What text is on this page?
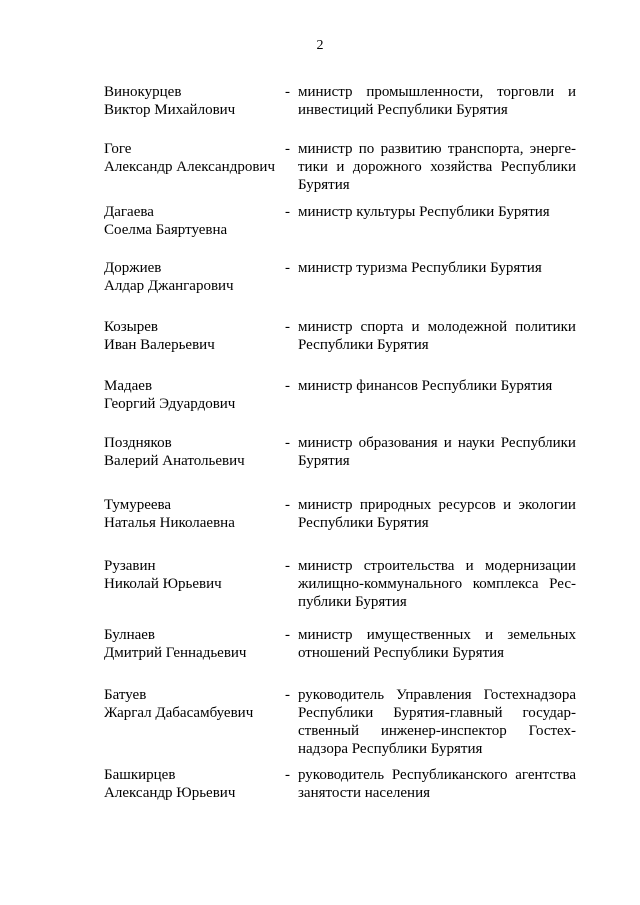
2
Винокурцев
Виктор Михайлович
- министр промышленности, торговли и
инвестиций Республики Бурятия
Гоге
Александр Александрович
- министр по развитию транспорта, энерге-
тики и дорожного хозяйства Республики
Бурятия
Дагаева
Соелма Баяртуевна
- министр культуры Республики Бурятия
Доржиев
Алдар Джангарович
- министр туризма Республики Бурятия
Козырев
Иван Валерьевич
- министр спорта и молодежной политики
Республики Бурятия
Мадаев
Георгий Эдуардович
- министр финансов Республики Бурятия
Поздняков
Валерий Анатольевич
- министр образования и науки Республики
Бурятия
Тумуреева
Наталья Николаевна
- министр природных ресурсов и экологии
Республики Бурятия
Рузавин
Николай Юрьевич
- министр строительства и модернизации
жилищно-коммунального комплекса Рес-
публики Бурятия
Булнаев
Дмитрий Геннадьевич
- министр имущественных и земельных
отношений Республики Бурятия
Батуев
Жаргал Дабасамбуевич
- руководитель Управления Гостехнадзора
Республики Бурятия-главный государ-
ственный инженер-инспектор Гостех-
надзора Республики Бурятия
Башкирцев
Александр Юрьевич
- руководитель Республиканского агентства
занятости населения
